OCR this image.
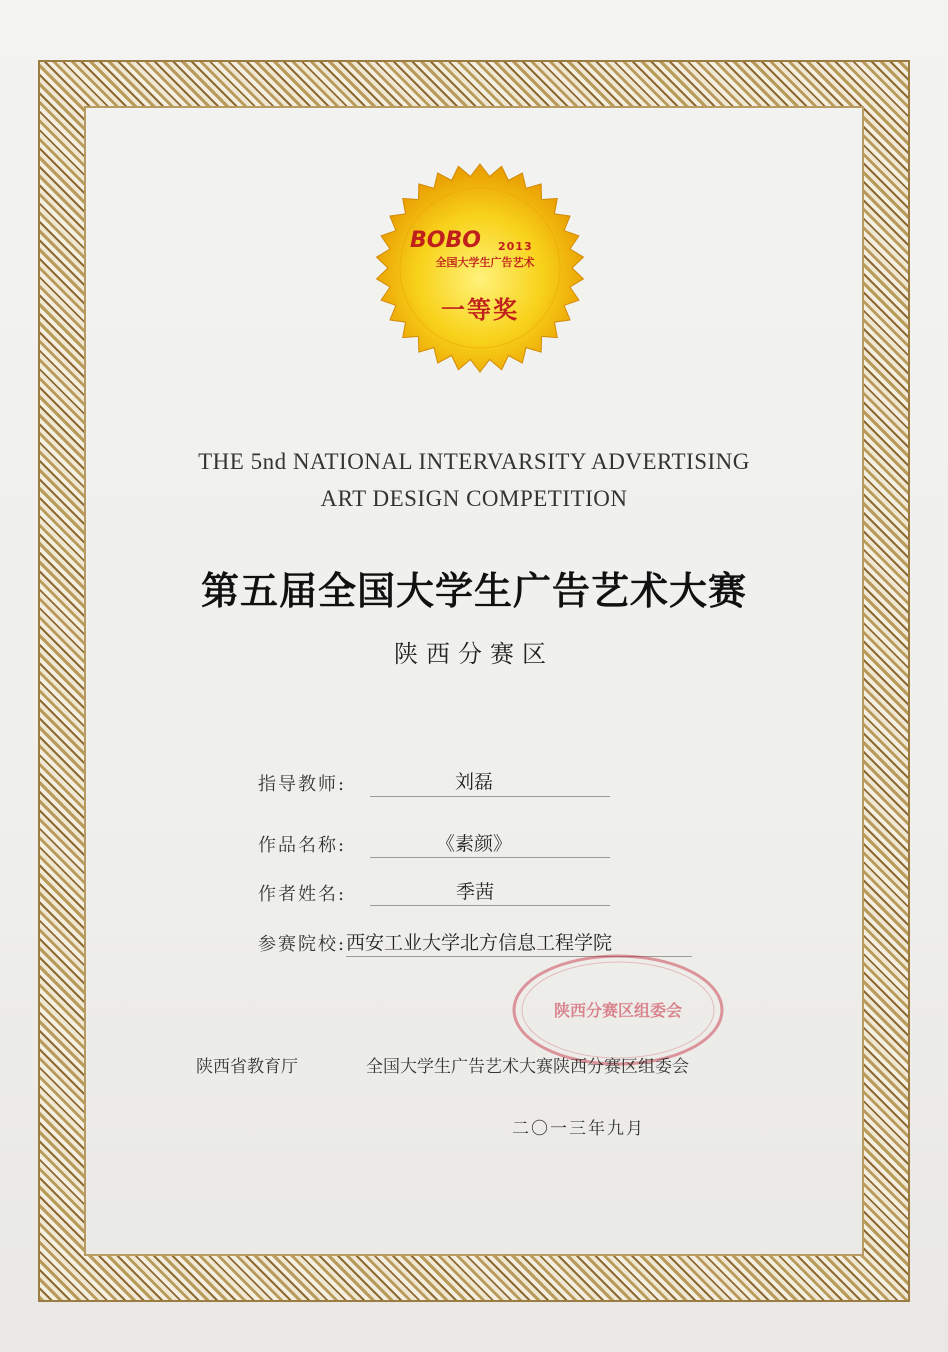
BOBO 2013
全国大学生广告艺术
一等奖
THE 5nd NATIONAL INTERVARSITY ADVERTISING
ART DESIGN COMPETITION
第五届全国大学生广告艺术大赛
陕西分赛区
指导教师:	刘磊
作品名称:	《素颜》
作者姓名:	季茜
参赛院校: 西安工业大学北方信息工程学院
陕西分赛区组委会
陕西省教育厅	全国大学生广告艺术大赛陕西分赛区组委会
二〇一三年九月
